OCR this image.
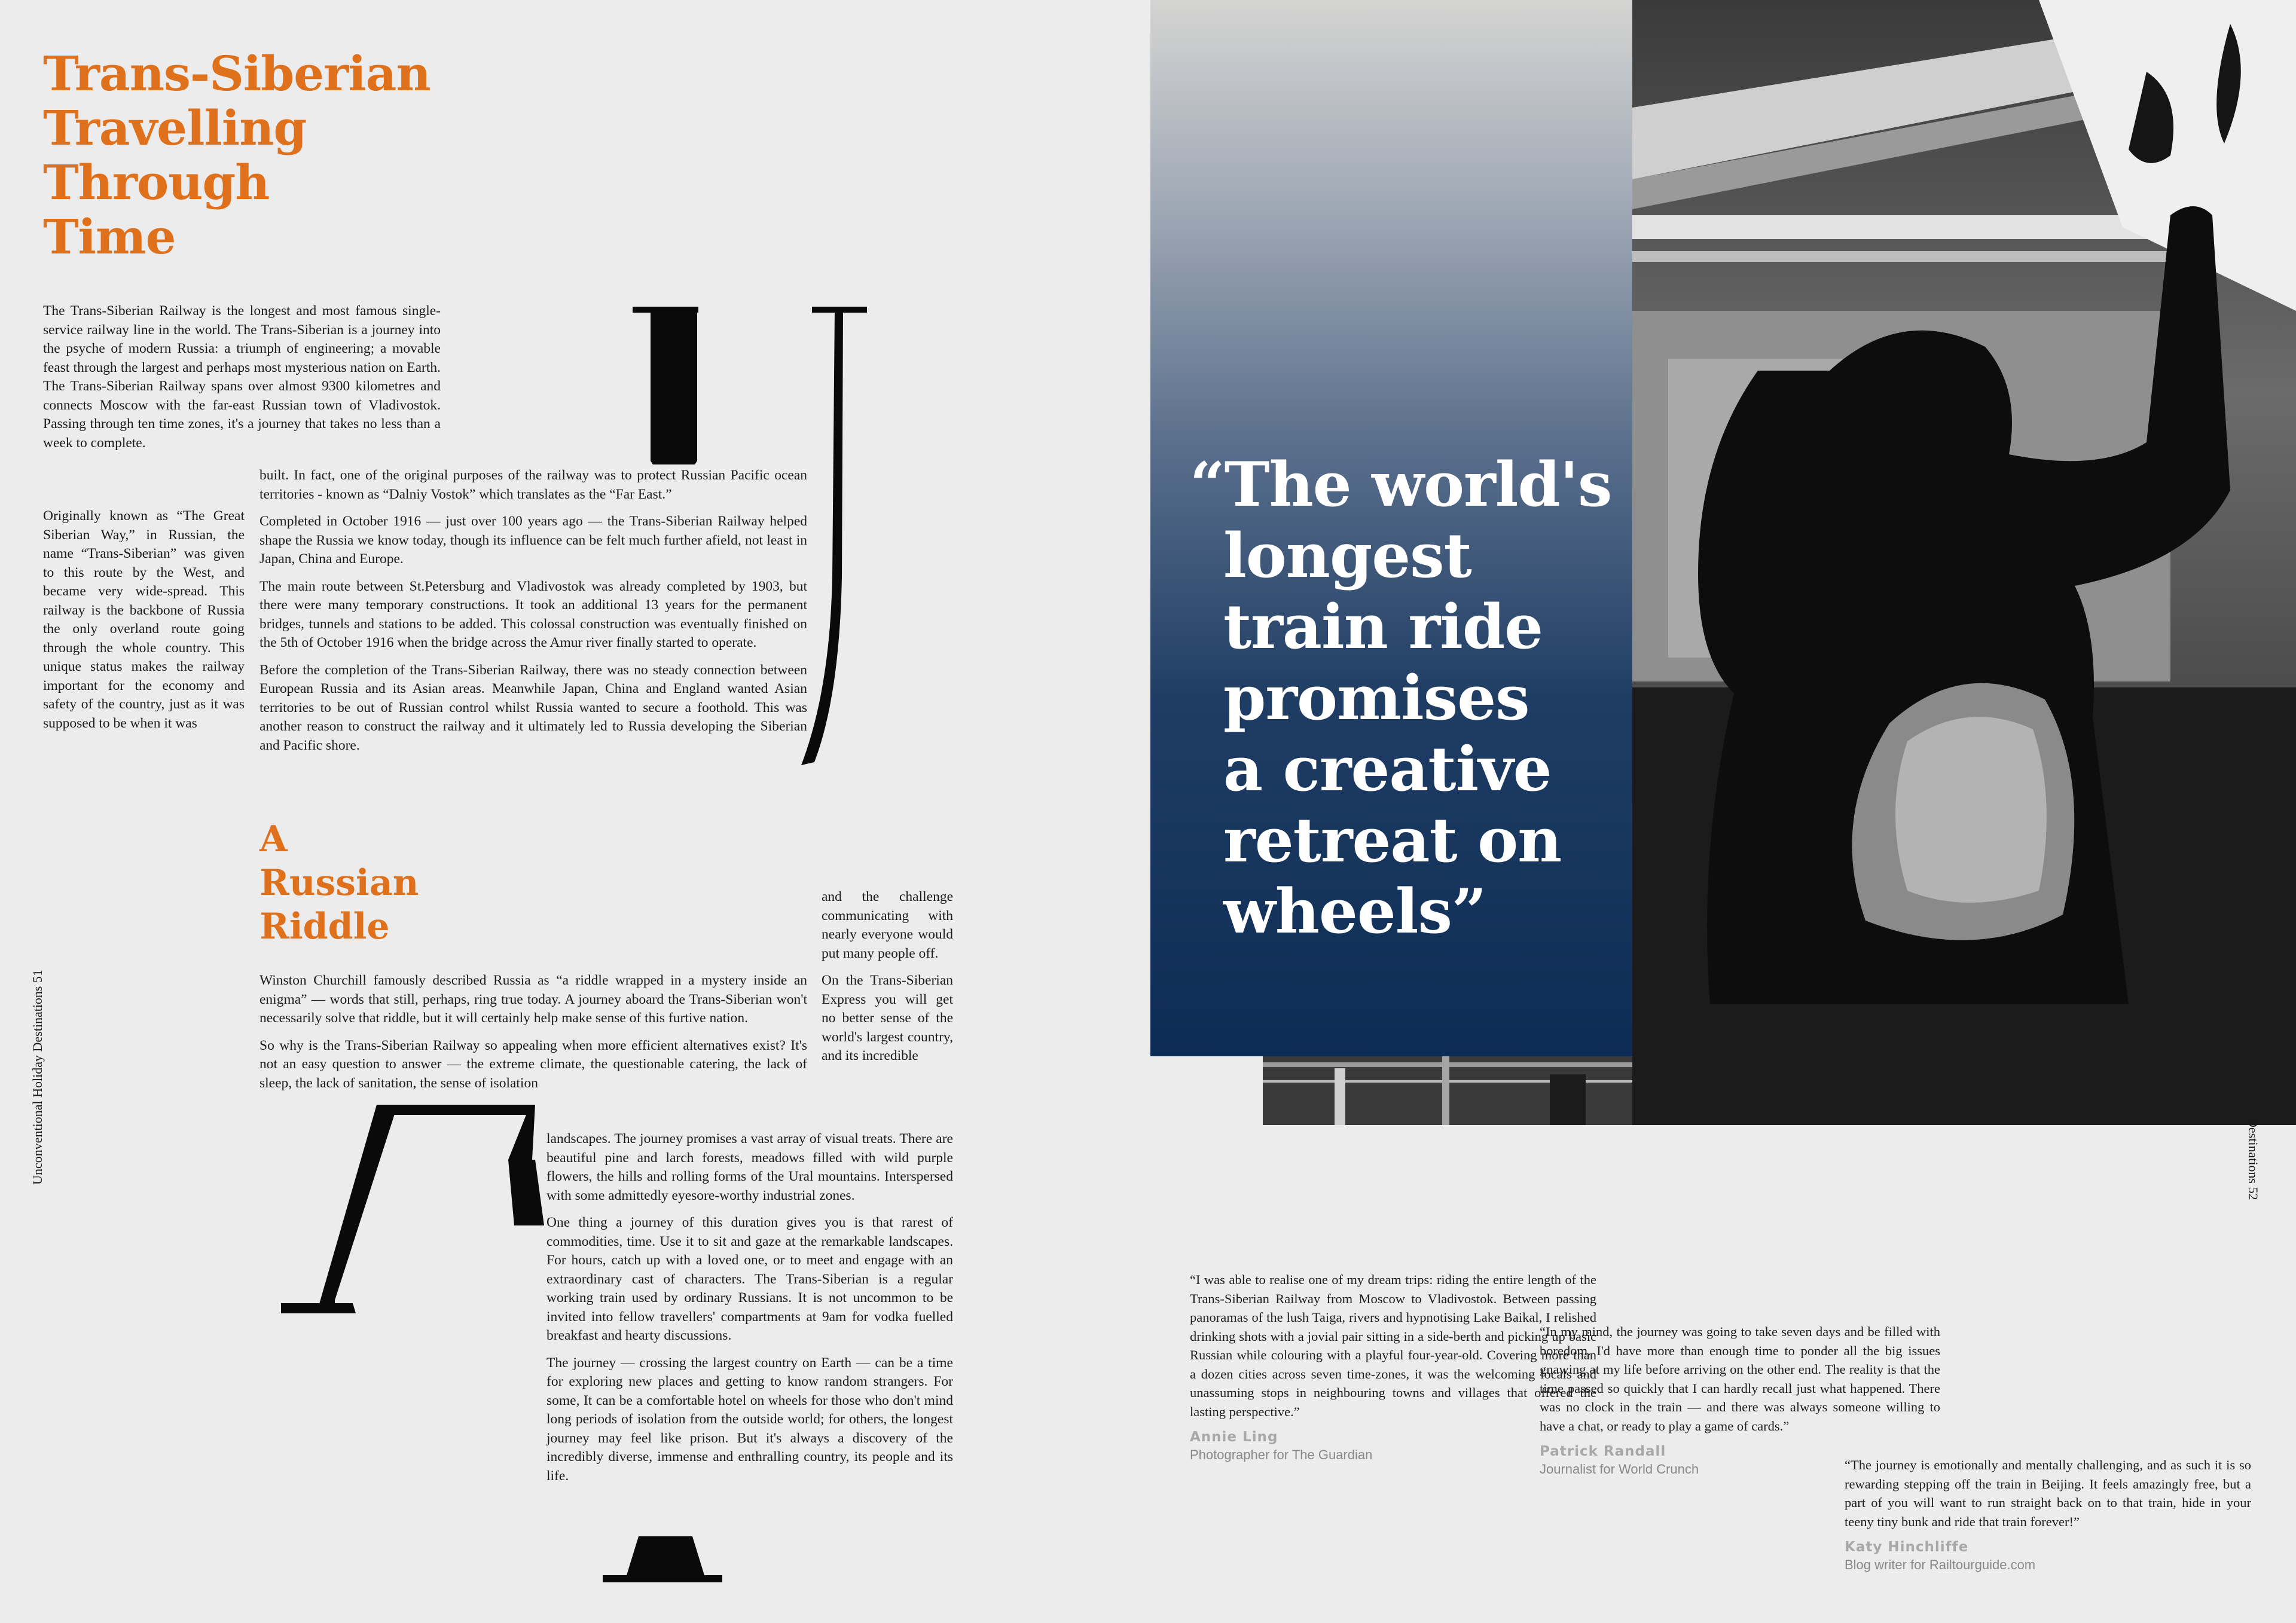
Trans-Siberian
Travelling
Through
Time
The Trans-Siberian Railway is the longest and most famous single-service railway line in the world. The Trans-Siberian is a journey into the psyche of modern Russia: a triumph of engineering; a movable feast through the largest and perhaps most mysterious nation on Earth. The Trans-Siberian Railway spans over almost 9300 kilometres and connects Moscow with the far-east Russian town of Vladivostok. Passing through ten time zones, it's a journey that takes no less than a week to complete.
Originally known as “The Great Siberian Way,” in Russian, the name “Trans-Siberian” was given to this route by the West, and became very wide-spread. This railway is the backbone of Russia the only overland route going through the whole country. This unique status makes the railway important for the economy and safety of the country, just as it was supposed to be when it was

built. In fact, one of the original purposes of the railway was to protect Russian Pacific ocean territories - known as “Dalniy Vostok” which translates as the “Far East.”

Completed in October 1916 — just over 100 years ago — the Trans-Siberian Railway helped shape the Russia we know today, though its influence can be felt much further afield, not least in Japan, China and Europe.

The main route between St.Petersburg and Vladivostok was already completed by 1903, but there were many temporary constructions. It took an additional 13 years for the permanent bridges, tunnels and stations to be added. This colossal construction was eventually finished on the 5th of October 1916 when the bridge across the Amur river finally started to operate.

Before the completion of the Trans-Siberian Railway, there was no steady connection between European Russia and its Asian areas. Meanwhile Japan, China and England wanted Asian territories to be out of Russian control whilst Russia wanted to secure a foothold. This was another reason to construct the railway and it ultimately led to Russia developing the Siberian and Pacific shore.

A
Russian
Riddle

Winston Churchill famously described Russia as “a riddle wrapped in a mystery inside an enigma” — words that still, perhaps, ring true today. A journey aboard the Trans-Siberian won't necessarily solve that riddle, but it will certainly help make sense of this furtive nation.

So why is the Trans-Siberian Railway so appealing when more efficient alternatives exist? It's not an easy question to answer — the extreme climate, the questionable catering, the lack of sleep, the lack of sanitation, the sense of isolation

and the challenge communicating with nearly everyone would put many people off.

On the Trans-Siberian Express you will get no better sense of the world's largest country, and its incredible

landscapes. The journey promises a vast array of visual treats. There are beautiful pine and larch forests, meadows filled with wild purple flowers, the hills and rolling forms of the Ural mountains. Interspersed with some admittedly eyesore-worthy industrial zones.

One thing a journey of this duration gives you is that rarest of commodities, time. Use it to sit and gaze at the remarkable landscapes. For hours, catch up with a loved one, or to meet and engage with an extraordinary cast of characters. The Trans-Siberian is a regular working train used by ordinary Russians. It is not uncommon to be invited into fellow travellers' compartments at 9am for vodka fuelled breakfast and hearty discussions.

The journey — crossing the largest country on Earth — can be a time for exploring new places and getting to know random strangers. For some, It can be a comfortable hotel on wheels for those who don't mind long periods of isolation from the outside world; for others, the longest journey may feel like prison. But it's always a discovery of the incredibly diverse, immense and enthralling country, its people and its life.

Unconventional Holiday Destinations 51
“The world's
longest
train ride
promises
a creative
retreat on
wheels”
Destinations 52
“I was able to realise one of my dream trips: riding the entire length of the Trans-Siberian Railway from Moscow to Vladivostok. Between passing panoramas of the lush Taiga, rivers and hypnotising Lake Baikal, I relished drinking shots with a jovial pair sitting in a side-berth and picking up basic Russian while colouring with a playful four-year-old. Covering more than a dozen cities across seven time-zones, it was the welcoming locals and unassuming stops in neighbouring towns and villages that offered the lasting perspective.”
Annie Ling
Photographer for The Guardian
“In my mind, the journey was going to take seven days and be filled with boredom. I'd have more than enough time to ponder all the big issues gnawing at my life before arriving on the other end. The reality is that the time passed so quickly that I can hardly recall just what happened. There was no clock in the train — and there was always someone willing to have a chat, or ready to play a game of cards.”
Patrick Randall
Journalist for World Crunch	“The journey is emotionally and mentally challenging, and as such it is so rewarding stepping off the train in Beijing. It feels amazingly free, but a part of you will want to run straight back on to that train, hide in your teeny tiny bunk and ride that train forever!”
Katy Hinchliffe
Blog writer for Railtourguide.com
